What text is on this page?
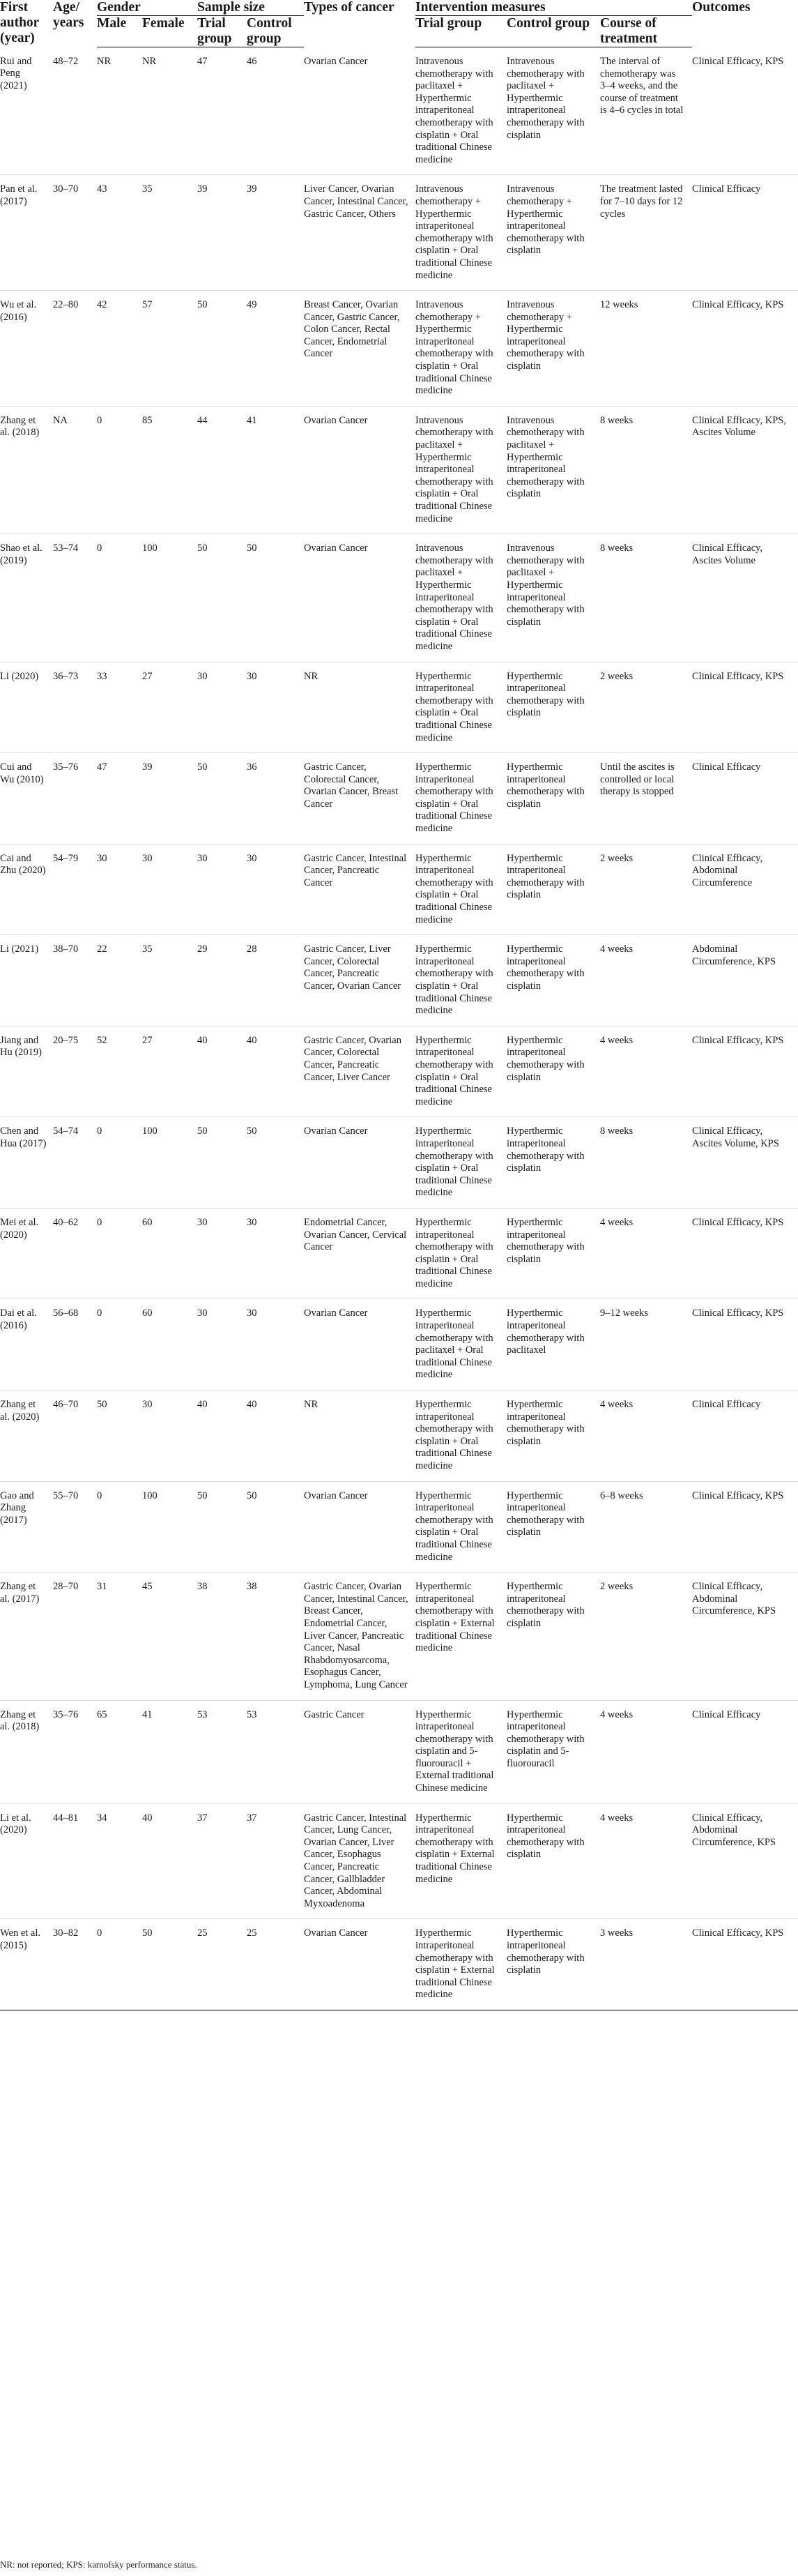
First author (year)	Age/ years	Gender		Sample size		Types of cancer	Intervention measures			Outcomes
		Male	Female	Trial group	Control group		Trial group	Control group	Course of treatment	
Rui and Peng (2021)	48–72	NR	NR	47	46	Ovarian Cancer	Intravenous chemotherapy with paclitaxel + Hyperthermic intraperitoneal chemotherapy with cisplatin + Oral traditional Chinese medicine	Intravenous chemotherapy with paclitaxel + Hyperthermic intraperitoneal chemotherapy with cisplatin	The interval of chemotherapy was 3–4 weeks, and the course of treatment is 4–6 cycles in total	Clinical Efficacy, KPS
Pan et al. (2017)	30–70	43	35	39	39	Liver Cancer, Ovarian Cancer, Intestinal Cancer, Gastric Cancer, Others	Intravenous chemotherapy + Hyperthermic intraperitoneal chemotherapy with cisplatin + Oral traditional Chinese medicine	Intravenous chemotherapy + Hyperthermic intraperitoneal chemotherapy with cisplatin	The treatment lasted for 7–10 days for 12 cycles	Clinical Efficacy
Wu et al. (2016)	22–80	42	57	50	49	Breast Cancer, Ovarian Cancer, Gastric Cancer, Colon Cancer, Rectal Cancer, Endometrial Cancer	Intravenous chemotherapy + Hyperthermic intraperitoneal chemotherapy with cisplatin + Oral traditional Chinese medicine	Intravenous chemotherapy + Hyperthermic intraperitoneal chemotherapy with cisplatin	12 weeks	Clinical Efficacy, KPS
Zhang et al. (2018)	NA	0	85	44	41	Ovarian Cancer	Intravenous chemotherapy with paclitaxel + Hyperthermic intraperitoneal chemotherapy with cisplatin + Oral traditional Chinese medicine	Intravenous chemotherapy with paclitaxel + Hyperthermic intraperitoneal chemotherapy with cisplatin	8 weeks	Clinical Efficacy, KPS, Ascites Volume
Shao et al. (2019)	53–74	0	100	50	50	Ovarian Cancer	Intravenous chemotherapy with paclitaxel + Hyperthermic intraperitoneal chemotherapy with cisplatin + Oral traditional Chinese medicine	Intravenous chemotherapy with paclitaxel + Hyperthermic intraperitoneal chemotherapy with cisplatin	8 weeks	Clinical Efficacy, Ascites Volume
Li (2020)	36–73	33	27	30	30	NR	Hyperthermic intraperitoneal chemotherapy with cisplatin + Oral traditional Chinese medicine	Hyperthermic intraperitoneal chemotherapy with cisplatin	2 weeks	Clinical Efficacy, KPS
Cui and Wu (2010)	35–76	47	39	50	36	Gastric Cancer, Colorectal Cancer, Ovarian Cancer, Breast Cancer	Hyperthermic intraperitoneal chemotherapy with cisplatin + Oral traditional Chinese medicine	Hyperthermic intraperitoneal chemotherapy with cisplatin	Until the ascites is controlled or local therapy is stopped	Clinical Efficacy
Cai and Zhu (2020)	54–79	30	30	30	30	Gastric Cancer, Intestinal Cancer, Pancreatic Cancer	Hyperthermic intraperitoneal chemotherapy with cisplatin + Oral traditional Chinese medicine	Hyperthermic intraperitoneal chemotherapy with cisplatin	2 weeks	Clinical Efficacy, Abdominal Circumference
Li (2021)	38–70	22	35	29	28	Gastric Cancer, Liver Cancer, Colorectal Cancer, Pancreatic Cancer, Ovarian Cancer	Hyperthermic intraperitoneal chemotherapy with cisplatin + Oral traditional Chinese medicine	Hyperthermic intraperitoneal chemotherapy with cisplatin	4 weeks	Abdominal Circumference, KPS
Jiang and Hu (2019)	20–75	52	27	40	40	Gastric Cancer, Ovarian Cancer, Colorectal Cancer, Pancreatic Cancer, Liver Cancer	Hyperthermic intraperitoneal chemotherapy with cisplatin + Oral traditional Chinese medicine	Hyperthermic intraperitoneal chemotherapy with cisplatin	4 weeks	Clinical Efficacy, KPS
Chen and Hua (2017)	54–74	0	100	50	50	Ovarian Cancer	Hyperthermic intraperitoneal chemotherapy with cisplatin + Oral traditional Chinese medicine	Hyperthermic intraperitoneal chemotherapy with cisplatin	8 weeks	Clinical Efficacy, Ascites Volume, KPS
Mei et al. (2020)	40–62	0	60	30	30	Endometrial Cancer, Ovarian Cancer, Cervical Cancer	Hyperthermic intraperitoneal chemotherapy with cisplatin + Oral traditional Chinese medicine	Hyperthermic intraperitoneal chemotherapy with cisplatin	4 weeks	Clinical Efficacy, KPS
Dai et al. (2016)	56–68	0	60	30	30	Ovarian Cancer	Hyperthermic intraperitoneal chemotherapy with paclitaxel + Oral traditional Chinese medicine	Hyperthermic intraperitoneal chemotherapy with paclitaxel	9–12 weeks	Clinical Efficacy, KPS
Zhang et al. (2020)	46–70	50	30	40	40	NR	Hyperthermic intraperitoneal chemotherapy with cisplatin + Oral traditional Chinese medicine	Hyperthermic intraperitoneal chemotherapy with cisplatin	4 weeks	Clinical Efficacy
Gao and Zhang (2017)	55–70	0	100	50	50	Ovarian Cancer	Hyperthermic intraperitoneal chemotherapy with cisplatin + Oral traditional Chinese medicine	Hyperthermic intraperitoneal chemotherapy with cisplatin	6–8 weeks	Clinical Efficacy, KPS
Zhang et al. (2017)	28–70	31	45	38	38	Gastric Cancer, Ovarian Cancer, Intestinal Cancer, Breast Cancer, Endometrial Cancer, Liver Cancer, Pancreatic Cancer, Nasal Rhabdomyosarcoma, Esophagus Cancer, Lymphoma, Lung Cancer	Hyperthermic intraperitoneal chemotherapy with cisplatin + External traditional Chinese medicine	Hyperthermic intraperitoneal chemotherapy with cisplatin	2 weeks	Clinical Efficacy, Abdominal Circumference, KPS
Zhang et al. (2018)	35–76	65	41	53	53	Gastric Cancer	Hyperthermic intraperitoneal chemotherapy with cisplatin and 5-fluorouracil + External traditional Chinese medicine	Hyperthermic intraperitoneal chemotherapy with cisplatin and 5-fluorouracil	4 weeks	Clinical Efficacy
Li et al. (2020)	44–81	34	40	37	37	Gastric Cancer, Intestinal Cancer, Lung Cancer, Ovarian Cancer, Liver Cancer, Esophagus Cancer, Pancreatic Cancer, Gallbladder Cancer, Abdominal Myxoadenoma	Hyperthermic intraperitoneal chemotherapy with cisplatin + External traditional Chinese medicine	Hyperthermic intraperitoneal chemotherapy with cisplatin	4 weeks	Clinical Efficacy, Abdominal Circumference, KPS
Wen et al. (2015)	30–82	0	50	25	25	Ovarian Cancer	Hyperthermic intraperitoneal chemotherapy with cisplatin + External traditional Chinese medicine	Hyperthermic intraperitoneal chemotherapy with cisplatin	3 weeks	Clinical Efficacy, KPS
NR: not reported; KPS: karnofsky performance status.
